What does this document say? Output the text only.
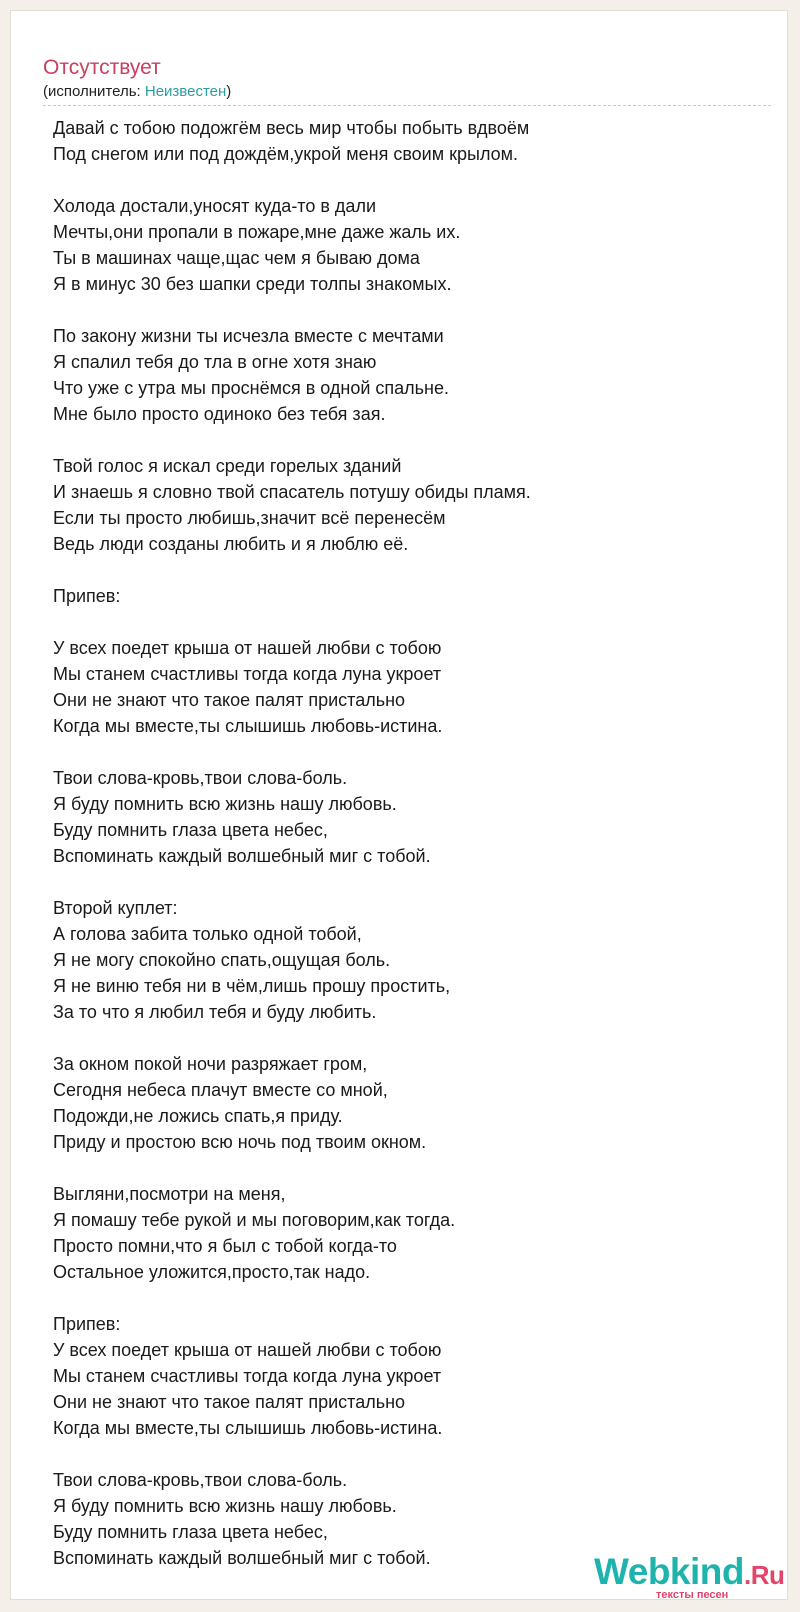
Отсутствует
(исполнитель: Неизвестен)
Давай с тобою подожгём весь мир чтобы побыть вдвоём
Под снегом или под дождём,укрой меня своим крылом.
Холода достали,уносят куда-то в дали
Мечты,они пропали в пожаре,мне даже жаль их.
Ты в машинах чаще,щас чем я бываю дома
Я в минус 30 без шапки среди толпы знакомых.
По закону жизни ты исчезла вместе с мечтами
Я спалил тебя до тла в огне хотя знаю
Что уже с утра мы проснёмся в одной спальне.
Мне было просто одиноко без тебя зая.
Твой голос я искал среди горелых зданий
И знаешь я словно твой спасатель потушу обиды пламя.
Если ты просто любишь,значит всё перенесём
Ведь люди созданы любить и я люблю её.
Припев:
У всех поедет крыша от нашей любви с тобою
Мы станем счастливы тогда когда луна укроет
Они не знают что такое палят пристально
Когда мы вместе,ты слышишь любовь-истина.
Твои слова-кровь,твои слова-боль.
Я буду помнить всю жизнь нашу любовь.
Буду помнить глаза цвета небес,
Вспоминать каждый волшебный миг с тобой.
Второй куплет:
А голова забита только одной тобой,
Я не могу спокойно спать,ощущая боль.
Я не виню тебя ни в чём,лишь прошу простить,
За то что я любил тебя и буду любить.
За окном покой ночи разряжает гром,
Сегодня небеса плачут вместе со мной,
Подожди,не ложись спать,я приду.
Приду и простою всю ночь под твоим окном.
Выгляни,посмотри на меня,
Я помашу тебе рукой и мы поговорим,как тогда.
Просто помни,что я был с тобой когда-то
Остальное уложится,просто,так надо.
Припев:
У всех поедет крыша от нашей любви с тобою
Мы станем счастливы тогда когда луна укроет
Они не знают что такое палят пристально
Когда мы вместе,ты слышишь любовь-истина.
Твои слова-кровь,твои слова-боль.
Я буду помнить всю жизнь нашу любовь.
Буду помнить глаза цвета небес,
Вспоминать каждый волшебный миг с тобой.	Webkind.Ru
тексты песен
